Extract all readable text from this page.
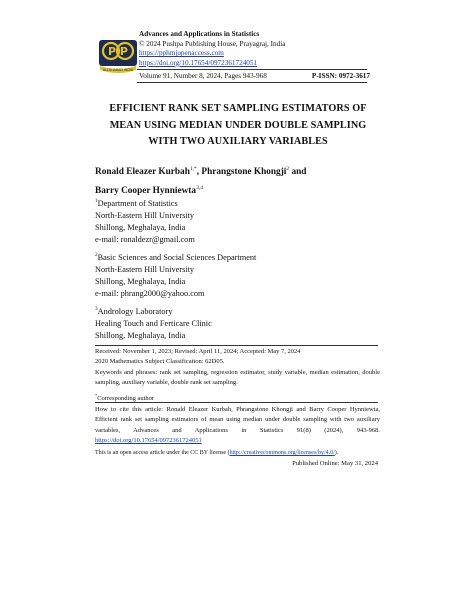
P P
ALLAHABAD INDIA
Advances and Applications in Statistics
© 2024 Pushpa Publishing House, Prayagraj, India
https://pphmjopenaccess.com
https://doi.org/10.17654/0972361724051
Volume 91, Number 8, 2024, Pages 943-968	P-ISSN: 0972-3617
EFFICIENT RANK SET SAMPLING ESTIMATORS OF
MEAN USING MEDIAN UNDER DOUBLE SAMPLING
WITH TWO AUXILIARY VARIABLES
Ronald Eleazer Kurbah$^{1,*}$, Phrangstone Khongji$^2$ and
Barry Cooper Hynniewta$^{3,4}$
$^1$Department of Statistics
North-Eastern Hill University
Shillong, Meghalaya, India
e-mail: ronaldezr@gmail.com
$^2$Basic Sciences and Social Sciences Department
North-Eastern Hill University
Shillong, Meghalaya, India
e-mail: phrang2000@yahoo.com
$^3$Andrology Laboratory
Healing Touch and Ferticare Clinic
Shillong, Meghalaya, India
Received: November 1, 2023; Revised: April 11, 2024; Accepted: May 7, 2024
2020 Mathematics Subject Classification: 62D05.
Keywords and phrases: rank set sampling, regression estimator, study variable, median estimation, double sampling, auxiliary variable, double rank set sampling.
*Corresponding author
How to cite this article: Ronald Eleazer Kurbah, Phrangstone Khongji and Barry Cooper Hynniewta, Efficient rank set sampling estimators of mean using median under double sampling with two auxiliary variables, Advances and Applications in Statistics 91(8) (2024), 943-968. https://doi.org/10.17654/0972361724051
This is an open access article under the CC BY license (http://creativecommons.org/licenses/by/4.0/).
Published Online: May 31, 2024
